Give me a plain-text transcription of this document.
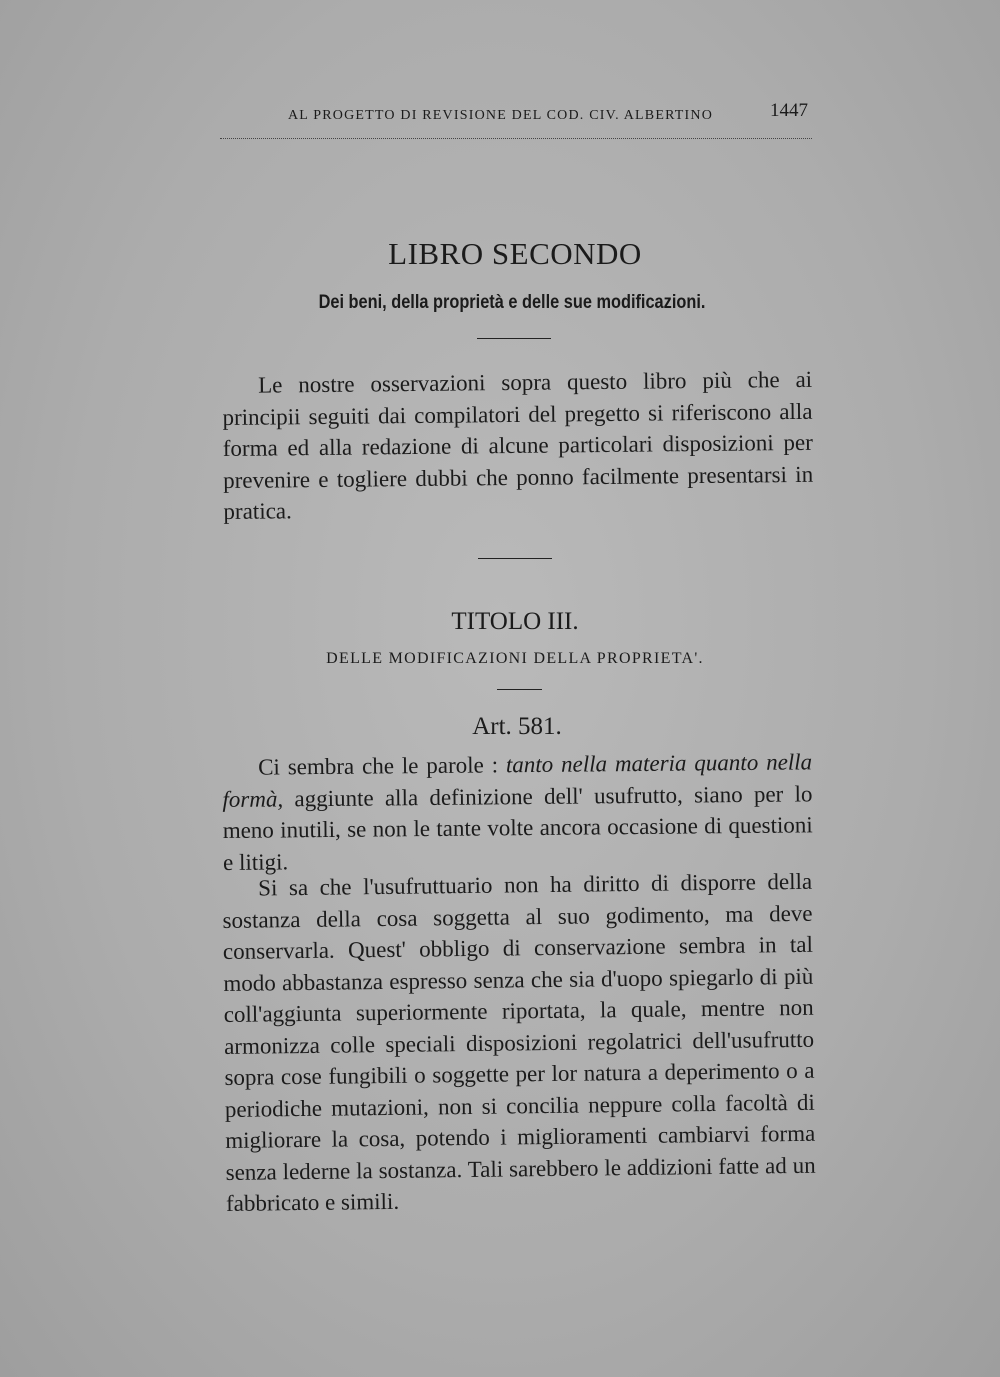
AL PROGETTO DI REVISIONE DEL COD. CIV. ALBERTINO	1447
LIBRO SECONDO
Dei beni, della proprietà e delle sue modificazioni.

Le nostre osservazioni sopra questo libro più che ai principii seguiti dai compilatori del pregetto si riferiscono alla forma ed alla redazione di alcune particolari disposizioni per prevenire e togliere dubbi che ponno facilmente presentarsi in pratica.

TITOLO III.
DELLE MODIFICAZIONI DELLA PROPRIETA'.
Art. 581.

Ci sembra che le parole : tanto nella materia quanto nella formà, aggiunte alla definizione dell' usufrutto, siano per lo meno inutili, se non le tante volte ancora occasione di questioni e litigi.

Si sa che l'usufruttuario non ha diritto di disporre della sostanza della cosa soggetta al suo godimento, ma deve conservarla. Quest' obbligo di conservazione sembra in tal modo abbastanza espresso senza che sia d'uopo spiegarlo di più coll'aggiunta superiormente riportata, la quale, mentre non armonizza colle speciali disposizioni regolatrici dell'usufrutto sopra cose fungibili o soggette per lor natura a deperimento o a periodiche mutazioni, non si concilia neppure colla facoltà di migliorare la cosa, potendo i miglioramenti cambiarvi forma senza lederne la sostanza. Tali sarebbero le addizioni fatte ad un fabbricato e simili.
